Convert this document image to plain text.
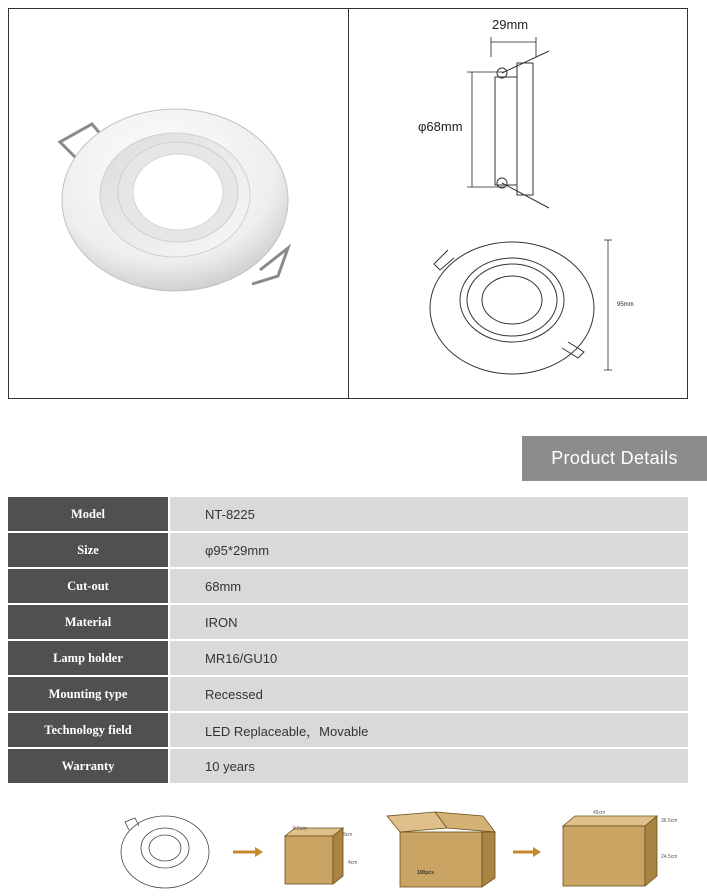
29mm
φ68mm
95mm
Product Details
Model	NT-8225
Size	φ95*29mm
Cut-out	68mm
Material	IRON
Lamp holder	MR16/GU10
Mounting type	Recessed
Technology field	LED Replaceable，Movable
Warranty	10 years
9.5cm
9cm
4cm
100pcs
45cm
36.5cm
24.5cm
